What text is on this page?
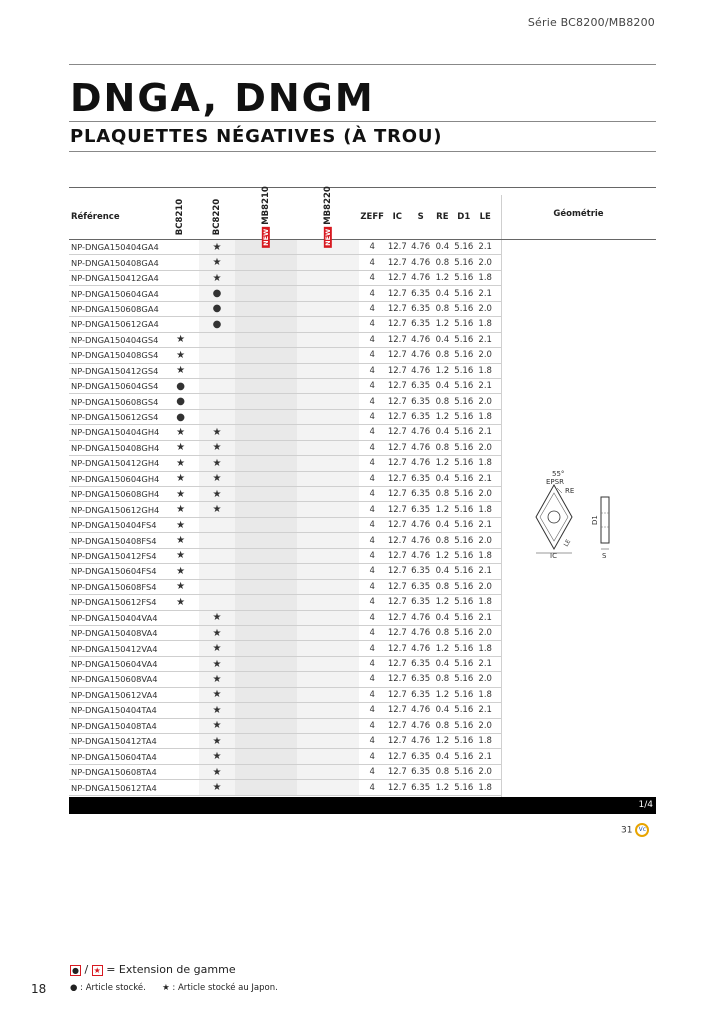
Série BC8200/MB8200
DNGA, DNGM
PLAQUETTES NÉGATIVES (À TROU)
Géométrie
Référence	BC8210	BC8220	NEWMB8210	NEWMB8220	ZEFF	IC	S	RE	D1	LE	
NP-DNGA150404GA4		★			4	12.7	4.76	0.4	5.16	2.1	
NP-DNGA150408GA4		★			4	12.7	4.76	0.8	5.16	2.0	
NP-DNGA150412GA4		★			4	12.7	4.76	1.2	5.16	1.8	
NP-DNGA150604GA4		●			4	12.7	6.35	0.4	5.16	2.1	
NP-DNGA150608GA4		●			4	12.7	6.35	0.8	5.16	2.0	
NP-DNGA150612GA4		●			4	12.7	6.35	1.2	5.16	1.8	
NP-DNGA150404GS4	★				4	12.7	4.76	0.4	5.16	2.1	
NP-DNGA150408GS4	★				4	12.7	4.76	0.8	5.16	2.0	
NP-DNGA150412GS4	★				4	12.7	4.76	1.2	5.16	1.8	
NP-DNGA150604GS4	●				4	12.7	6.35	0.4	5.16	2.1	
NP-DNGA150608GS4	●				4	12.7	6.35	0.8	5.16	2.0	
NP-DNGA150612GS4	●				4	12.7	6.35	1.2	5.16	1.8	
NP-DNGA150404GH4	★	★			4	12.7	4.76	0.4	5.16	2.1	
NP-DNGA150408GH4	★	★			4	12.7	4.76	0.8	5.16	2.0	
NP-DNGA150412GH4	★	★			4	12.7	4.76	1.2	5.16	1.8	
NP-DNGA150604GH4	★	★			4	12.7	6.35	0.4	5.16	2.1	
NP-DNGA150608GH4	★	★			4	12.7	6.35	0.8	5.16	2.0	
NP-DNGA150612GH4	★	★			4	12.7	6.35	1.2	5.16	1.8	
NP-DNGA150404FS4	★				4	12.7	4.76	0.4	5.16	2.1	
NP-DNGA150408FS4	★				4	12.7	4.76	0.8	5.16	2.0	
NP-DNGA150412FS4	★				4	12.7	4.76	1.2	5.16	1.8	
NP-DNGA150604FS4	★				4	12.7	6.35	0.4	5.16	2.1	
NP-DNGA150608FS4	★				4	12.7	6.35	0.8	5.16	2.0	
NP-DNGA150612FS4	★				4	12.7	6.35	1.2	5.16	1.8	
NP-DNGA150404VA4		★			4	12.7	4.76	0.4	5.16	2.1	
NP-DNGA150408VA4		★			4	12.7	4.76	0.8	5.16	2.0	
NP-DNGA150412VA4		★			4	12.7	4.76	1.2	5.16	1.8	
NP-DNGA150604VA4		★			4	12.7	6.35	0.4	5.16	2.1	
NP-DNGA150608VA4		★			4	12.7	6.35	0.8	5.16	2.0	
NP-DNGA150612VA4		★			4	12.7	6.35	1.2	5.16	1.8	
NP-DNGA150404TA4		★			4	12.7	4.76	0.4	5.16	2.1	
NP-DNGA150408TA4		★			4	12.7	4.76	0.8	5.16	2.0	
NP-DNGA150412TA4		★			4	12.7	4.76	1.2	5.16	1.8	
NP-DNGA150604TA4		★			4	12.7	6.35	0.4	5.16	2.1	
NP-DNGA150608TA4		★			4	12.7	6.35	0.8	5.16	2.0	
NP-DNGA150612TA4		★			4	12.7	6.35	1.2	5.16	1.8	
55°
EPSR
RE
IC
LE
D1
S
1/4
31 Vc
● / ★ = Extension de gamme
● : Article stocké. ★ : Article stocké au Japon.
18
